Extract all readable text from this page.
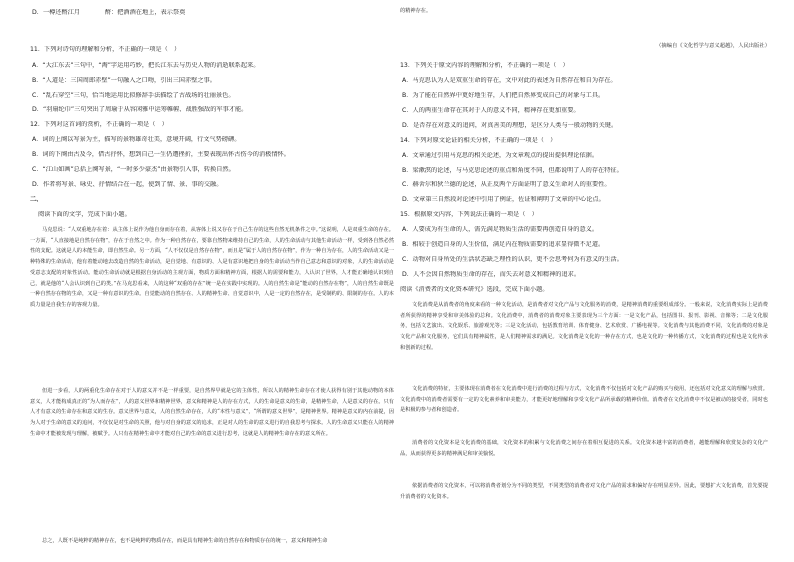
D．一樽还酹江月　　　　酹：把酒酒在地上，表示祭奠
11．下列对诗句的理解和分析，不正确的一项是（　）
A．“大江东去”三句中，“淘”字运用巧妙，把长江东去与历史人物的消逝联系起来。
B．“人道是：三国周郎赤壁”一句融入之口吻，引出三国赤壁之事。
C．“乱石穿空”三句，恰当地运用比拟修辞手法描绘了古战场的壮丽景色。
D．“羽扇纶巾”三句突出了周瑜于从容闲雅中运筹帷幄、战胜强敌的军事才能。
12．下列对这首词的赏析，不正确的一项是（　）
A．词的上阕以写景为主，描写的景物雄奇壮美，意境开阔，行文气势磅礴。
B．词的下阕由古及今，借古抒怀，想到自己一生仍遭挫折，主要表现出怀古伤今的消极情怀。
C．“江山如画”总括上阕写景，“一时多少豪杰”由景物引入事，转换自然。
D．作者将写景、咏史、抒情结合在一起，使到了情、景、事的交融。
二、
阅读下面的文字，完成下面小题。
马克思说：“人双重地存在着：从主体上说作为他自身而存在着，从客体上说又存在于自己生存的这些自然无机条件之中。”这说明，人是双重生命的存在。一方面，“人直接地是自然存在物”，存在于自然之中。作为一种自然存在，要靠自然物来维持自己的生命，人的生命活动与其他生命活动一样，受到各自然必然性的支配。这就是人的本能生命，即自然生命。另一方面，“人不仅仅是自然存在物”，而且是“属于人的自然存在物”，作为一种自为存在，人的生命活动又是一种特殊的生命活动，他有着能动地去改造自然的生命活动，是自觉地、有意识的、人是有意识地把自身的生命活动当作自己意志和意识的对象，人的生命活动是受意志支配的对象性活动。能动生命活动就是根据自身活动的主观方面，物质方面和精神方面，根据人的需要和能力，人认识了世界，人才能正确地认识到自己，就是他的“人会认识到自己的类。”在马克思看来，人的这种“双重的存在”统一是在实践中实现的。人的自然生命是“能动的自然存在物”，人的自然生命既是一种自然存在物的生命，又是一种有意识的生命。自觉能动的自然存在、人的精神生命、自觉意识中，人是一定的自然存在，是受制约的、限制的存在。人的本质力量是自我生存的客观力量。
但进一步看，人的两重化生命存在对于人的意义并不是一样重要，是自然界早就是它的主体性，所以人的精神生命存在才使人获得有别于其他动物的本体意义，人才能构成真正的“为人而存在”，人的意义世界和精神世界，意义和精神是人的存在方式，人的生命是意义的生命，是精神生命，人是意义的存在。只有人才有意义的生命存在和意义的生存。意义世界与意义，人的自然生命存在，人的“本性与意义”，“所谓的意义世界”，是精神世界。精神是意义的内在前提，因为人对于生命的意义的追问，不仅仅是对生命的关照，他与对自身的意义的追求，正是对人的生命的意义进行的自我思考与探求。人的生命意义只能在人的精神生命中才能被发现与理解，被赋予。人只有在精神生命中才能对自己的生命的意义进行思考，这就是人的精神生命存在的意义所在。
总之，人既不是纯粹的精神存在，也不是纯粹的物质存在，而是具有精神生命的自然存在和物质存在的统一，意义和精神生命
的精神存在。
（摘编自《文化哲学与意义超越》，人民出版社）
13．下列关于原文内容的理解和分析，不正确的一项是（　）
A．马克思认为人是双重生命的存在，文中对此的表述为自然存在和自为存在。
B．为了能在自然界中更好地生存，人们把自然界变成自己的对象与工具。
C．人的两重生命存在其对于人的意义不同，精神存在更加重要。
D．是否存在对意义的追问，对真善美的理想，是区分人类与一般动物的关键。
14．下列对原文论证的相关分析，不正确的一项是（　）
A．文章通过引用马克思的相关论述，为文章观点的提出提供理论依据。
B．梁漱溟的论述，与马克思论述的重点和角度不同，但都说明了人的存在特征。
C．赫舍尔和狄兰德的论述，从正反两个方面证明了意义生命对人的重要性。
D．文章第三自然段对论述中引用了例证，佐证和阐明了文章的中心论点。
15．根据原文内容，下列说法正确的一项是（　）
A．人要成为有生命的人，需先满足物质生活的需要再创造自身的意义。
B．相较于创造自身的人生价值，满足内在物质需要的追求显得微不足道。
C．动物对自身所处的生活状态缺乏理性的认识，更不会思考何为有意义的生活。
D．人不会因自然物质生命的存在，而失去对意义和精神的追求。
阅读《消费者的文化资本研究》选段，完成下面小题。
文化消费是从消费者的角度来看的一种文化活动，是消费者对文化产品与文化服务的消费，是精神消费的重要组成部分。一般来说，文化消费实际上是消费者所获得的精神享受和审美体验的总和。文化消费中，消费者的消费对象主要表现为三个方面：一是文化产品，包括图书、报刊、影视、音像等；二是文化服务，包括文艺演出、文化娱乐、旅游观光等；三是文化活动，包括教育培训、体育健身、艺术欣赏、广播电视等。文化消费与其他消费不同，文化消费的对象是文化产品和文化服务，它们具有精神属性，是人们精神需求的满足。文化消费是文化的一种存在方式，也是文化的一种传播方式，文化消费的过程也是文化传承和创新的过程。
文化消费的特征，主要体现在消费者在文化消费中进行消费的过程与方式，文化消费不仅包括对文化产品的购买与使用，还包括对文化意义的理解与欣赏。文化消费中的消费者需要有一定的文化素养和审美能力，才能更好地理解和享受文化产品所承载的精神价值。消费者在文化消费中不仅是被动的接受者，同时也是积极的参与者和创造者。
消费者的文化资本是文化消费的基础，文化资本的积累与文化消费之间存在着相互促进的关系。文化资本越丰富的消费者，越能理解和欣赏复杂的文化产品，从而获得更多的精神满足和审美愉悦。
依据消费者的文化资本，可以将消费者划分为不同的类型，不同类型的消费者对文化产品的需求和偏好存在明显差异。因此，要想扩大文化消费，首先要提升消费者的文化资本。
